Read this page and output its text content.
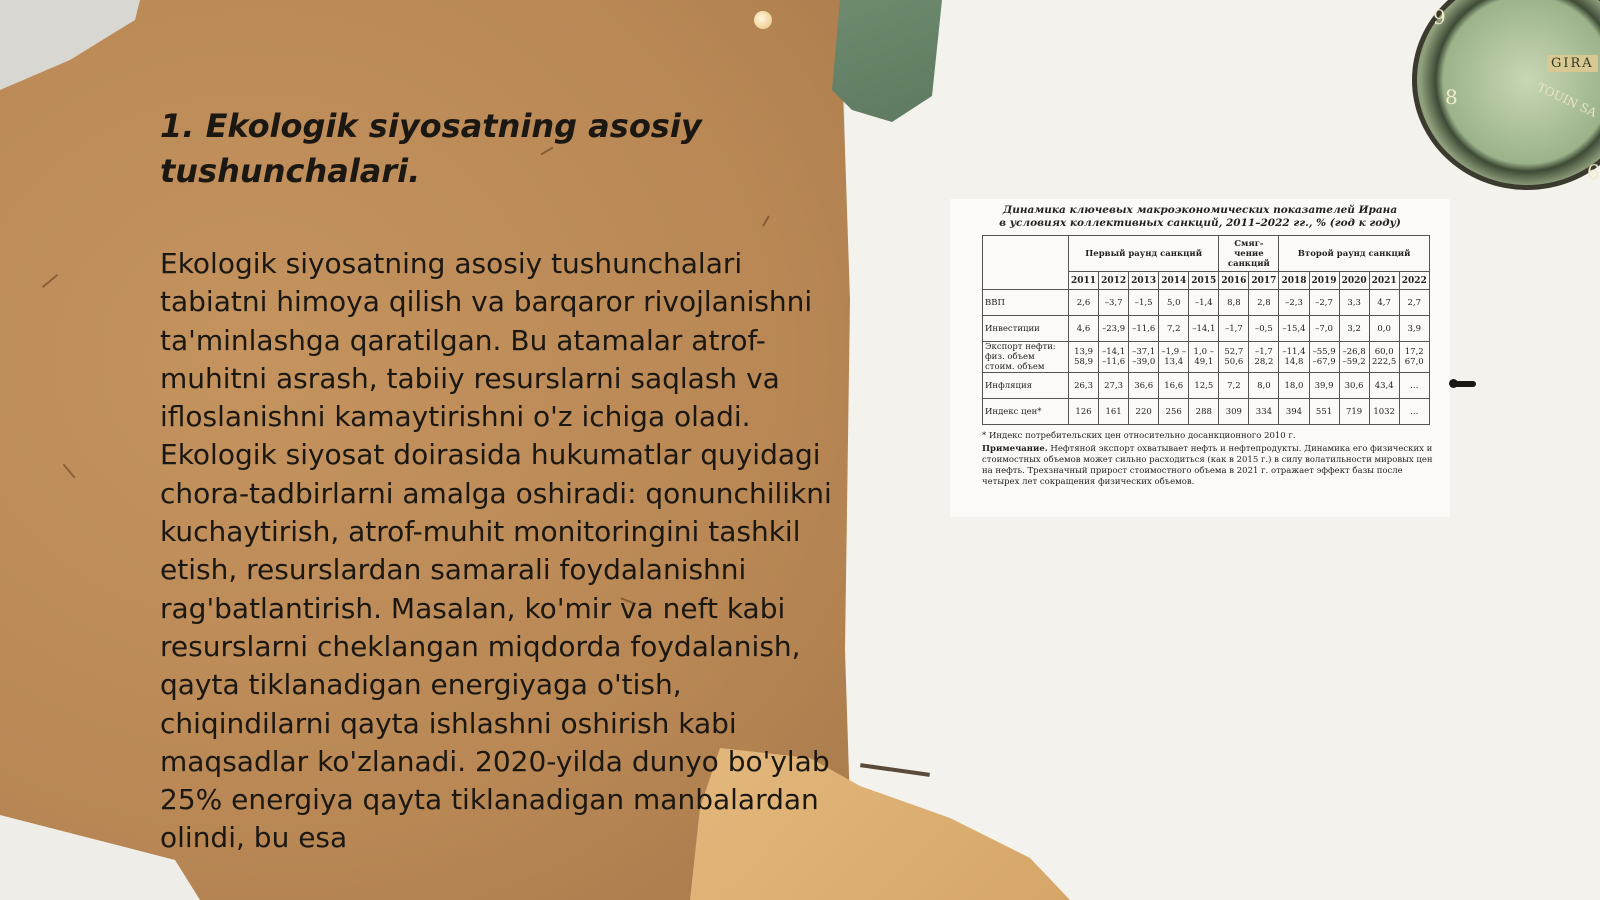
9
8
6
GIRA
TOUIN SA
1. Ekologik siyosatning asosiy tushunchalari.
Ekologik siyosatning asosiy tushunchalari tabiatni himoya qilish va barqaror rivojlanishni ta'minlashga qaratilgan. Bu atamalar atrof-muhitni asrash, tabiiy resurslarni saqlash va ifloslanishni kamaytirishni o'z ichiga oladi. Ekologik siyosat doirasida hukumatlar quyidagi chora-tadbirlarni amalga oshiradi: qonunchilikni kuchaytirish, atrof-muhit monitoringini tashkil etish, resurslardan samarali foydalanishni rag'batlantirish. Masalan, ko'mir va neft kabi resurslarni cheklangan miqdorda foydalanish, qayta tiklanadigan energiyaga o'tish, chiqindilarni qayta ishlashni oshirish kabi maqsadlar ko'zlanadi. 2020-yilda dunyo bo'ylab 25% energiya qayta tiklanadigan manbalardan olindi, bu esa
Динамика ключевых макроэкономических показателей Ирана
в условиях коллективных санкций, 2011–2022 гг., % (год к году)
	Первый раунд санкций					Смяг-чение санкций		Второй раунд санкций				
	2011	2012	2013	2014	2015	2016	2017	2018	2019	2020	2021	2022
ВВП	2,6	–3,7	–1,5	5,0	–1,4	8,8	2,8	–2,3	–2,7	3,3	4,7	2,7
Инвестиции	4,6	–23,9	–11,6	7,2	–14,1	–1,7	–0,5	–15,4	–7,0	3,2	0,0	3,9
Экспорт нефти: физ. объем стоим. объем	13,9 58,9	–14,1 –11,6	–37,1 –39,0	–1,9 –13,4	1,0 –49,1	52,7 50,6	–1,7 28,2	–11,4 14,8	–55,9 –67,9	–26,8 –59,2	60,0 222,5	17,2 67,0
Инфляция	26,3	27,3	36,6	16,6	12,5	7,2	8,0	18,0	39,9	30,6	43,4	…
Индекс цен*	126	161	220	256	288	309	334	394	551	719	1032	…
* Индекс потребительских цен относительно досанкционного 2010 г.
Примечание. Нефтяной экспорт охватывает нефть и нефтепродукты. Динамика его физических и стоимостных объемов может сильно расходиться (как в 2015 г.) в силу волатильности мировых цен на нефть. Трехзначный прирост стоимостного объема в 2021 г. отражает эффект базы после четырех лет сокращения физических объемов.
